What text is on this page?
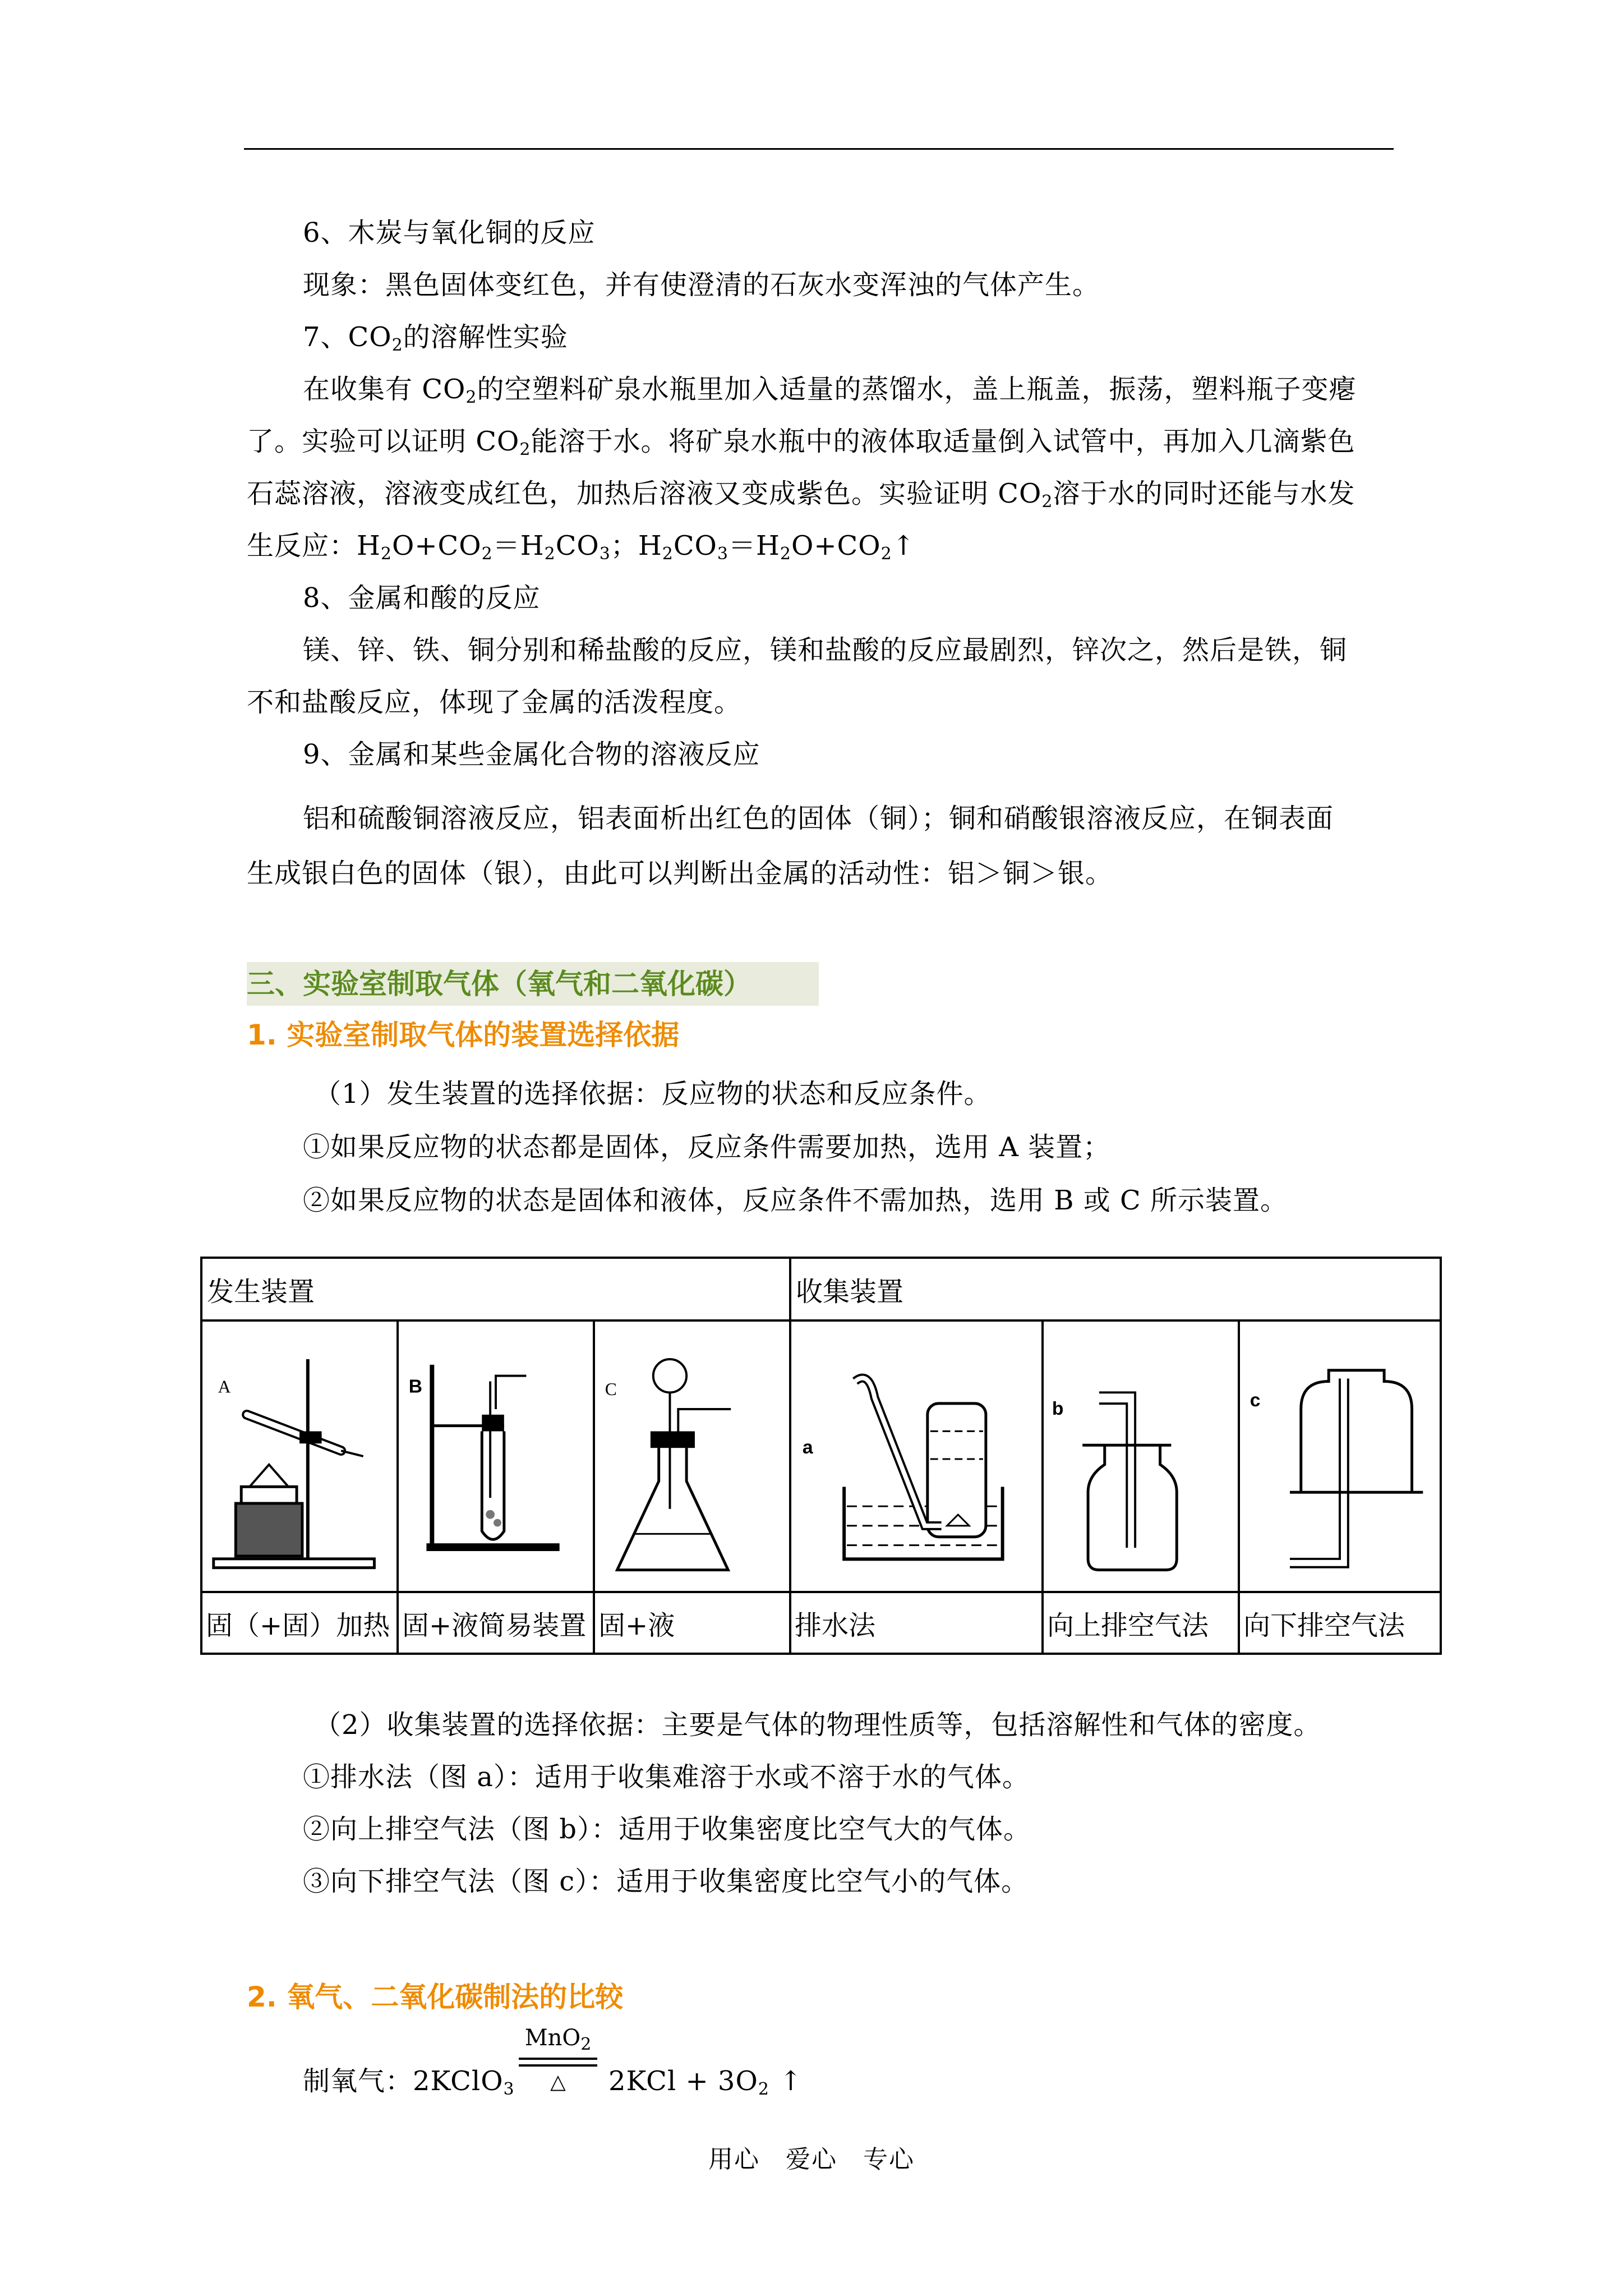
6、木炭与氧化铜的反应
现象：黑色固体变红色，并有使澄清的石灰水变浑浊的气体产生。
7、$CO_2$的溶解性实验
在收集有 $CO_2$的空塑料矿泉水瓶里加入适量的蒸馏水，盖上瓶盖，振荡，塑料瓶子变瘪
了。实验可以证明 $CO_2$能溶于水。将矿泉水瓶中的液体取适量倒入试管中，再加入几滴紫色
石蕊溶液，溶液变成红色，加热后溶液又变成紫色。实验证明 $CO_2$溶于水的同时还能与水发
生反应：$H_2O+CO_2=H_2CO_3$；$H_2CO_3=H_2O+CO_2↑$
8、金属和酸的反应
镁、锌、铁、铜分别和稀盐酸的反应，镁和盐酸的反应最剧烈，锌次之，然后是铁，铜
不和盐酸反应，体现了金属的活泼程度。
9、金属和某些金属化合物的溶液反应
铝和硫酸铜溶液反应，铝表面析出红色的固体（铜）；铜和硝酸银溶液反应，在铜表面
生成银白色的固体（银），由此可以判断出金属的活动性：铝＞铜＞银。
三、实验室制取气体（氧气和二氧化碳）
1. 实验室制取气体的装置选择依据
（1）发生装置的选择依据：反应物的状态和反应条件。
①如果反应物的状态都是固体，反应条件需要加热，选用 A 装置；
②如果反应物的状态是固体和液体，反应条件不需加热，选用 B 或 C 所示装置。
发生装置			收集装置		

A	B	C	a	b	c

固（+固）加热	固+液简易装置	固+液	排水法	向上排空气法	向下排空气法
（2）收集装置的选择依据：主要是气体的物理性质等，包括溶解性和气体的密度。
①排水法（图 a）：适用于收集难溶于水或不溶于水的气体。
②向上排空气法（图 b）：适用于收集密度比空气大的气体。
③向下排空气法（图 c）：适用于收集密度比空气小的气体。
2. 氧气、二氧化碳制法的比较
制氧气：2KClO$_3$
MnO$_2$
△	$2KCl + 3O_2$ ↑
用心　爱心　专心
